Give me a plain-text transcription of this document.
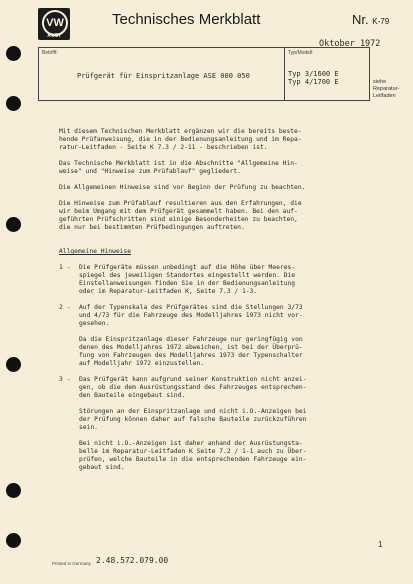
VW
AUDI
Technisches Merkblatt	Nr. K-79
Oktober 1972
Betrifft:
Prüfgerät für Einspritzanlage ASE 000 050
Typ/Modell:
Typ 3/1600 E
Typ 4/1700 E	siehe
Reparatur-
Leitfaden

Mit diesem Technischen Merkblatt ergänzen wir die bereits beste-
hende Prüfanweisung, die in der Bedienungsanleitung und im Repa-
ratur-Leitfaden - Seite K 7.3 / 2-11 - beschrieben ist.

Das Technische Merkblatt ist in die Abschnitte "Allgemeine Hin-
weise" und "Hinweise zum Prüfablauf" gegliedert.

Die Allgemeinen Hinweise sind vor Beginn der Prüfung zu beachten.

Die Hinweise zum Prüfablauf resultieren aus den Erfahrungen, die
wir beim Umgang mit dem Prüfgerät gesammelt haben. Bei den auf-
geführten Prüfschritten sind einige Besonderheiten zu beachten,
die nur bei bestimmten Prüfbedingungen auftreten.

Allgemeine Hinweise

1 - Die Prüfgeräte müssen unbedingt auf die Höhe über Meeres-
spiegel des jeweiligen Standortes eingestellt werden. Die
Einstellanweisungen finden Sie in der Bedienungsanleitung
oder im Reparatur-Leitfaden K, Seite 7.3 / 1-3.

2 - Auf der Typenskala des Prüfgerätes sind die Stellungen 3/73
und 4/73 für die Fahrzeuge des Modelljahres 1973 nicht vor-
gesehen.

Da die Einspritzanlage dieser Fahrzeuge nur geringfügig von
denen des Modelljahres 1972 abweichen, ist bei der Überprü-
fung von Fahrzeugen des Modelljahres 1973 der Typenschalter
auf Modelljahr 1972 einzustellen.

3 - Das Prüfgerät kann aufgrund seiner Konstruktion nicht anzei-
gen, ob die dem Ausrüstungsstand des Fahrzeuges entsprechen-
den Bauteile eingebaut sind.

Störungen an der Einspritzanlage und nicht i.O.-Anzeigen bei
der Prüfung können daher auf falsche Bauteile zurückzuführen
sein.

Bei nicht i.O.-Anzeigen ist daher anhand der Ausrüstungsta-
belle im Reparatur-Leitfaden K Seite 7.2 / 1-1 auch zu Über-
prüfen, welche Bauteile in die entsprechenden Fahrzeuge ein-
gebaut sind.

1
Printed in Germany 2.48.572.079.00
